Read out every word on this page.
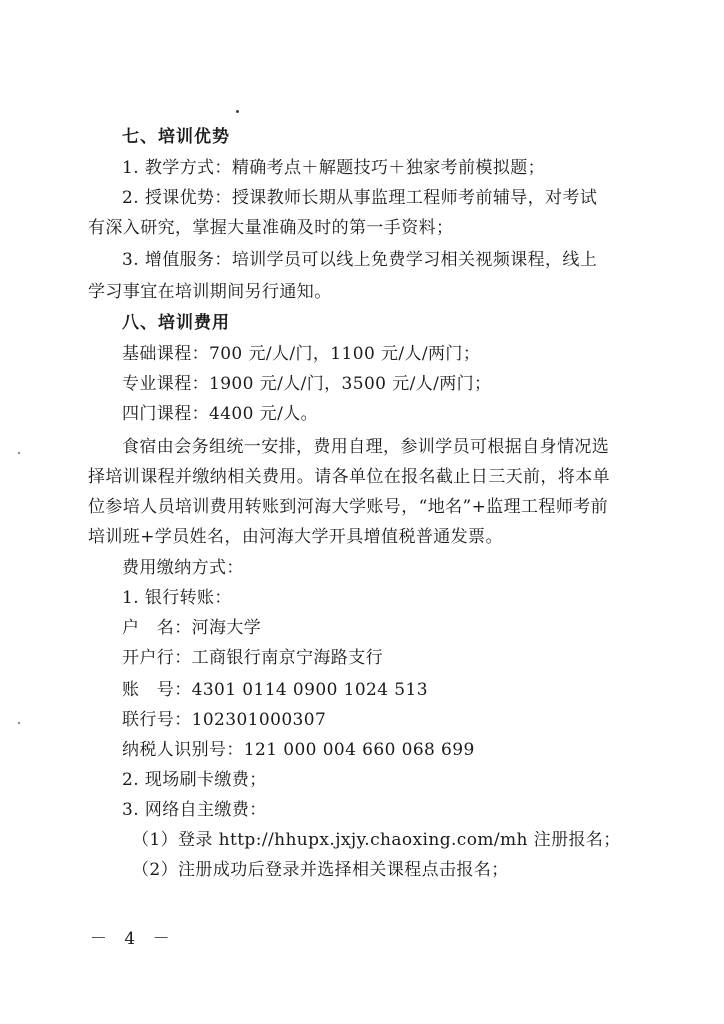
七、培训优势
1. 教学方式：精确考点＋解题技巧＋独家考前模拟题；
2. 授课优势：授课教师长期从事监理工程师考前辅导，对考试
有深入研究，掌握大量准确及时的第一手资料；
3. 增值服务：培训学员可以线上免费学习相关视频课程，线上
学习事宜在培训期间另行通知。
八、培训费用
基础课程：700 元/人/门，1100 元/人/两门；
专业课程：1900 元/人/门，3500 元/人/两门；
四门课程：4400 元/人。
食宿由会务组统一安排，费用自理，参训学员可根据自身情况选
择培训课程并缴纳相关费用。请各单位在报名截止日三天前，将本单
位参培人员培训费用转账到河海大学账号，“地名”+监理工程师考前
培训班+学员姓名，由河海大学开具增值税普通发票。
费用缴纳方式：
1. 银行转账：
户　名：河海大学
开户行：工商银行南京宁海路支行
账　号：4301 0114 0900 1024 513
联行号：102301000307
纳税人识别号：121 000 004 660 068 699
2. 现场刷卡缴费；
3. 网络自主缴费：
（1）登录 http://hhupx.jxjy.chaoxing.com/mh 注册报名；
（2）注册成功后登录并选择相关课程点击报名；
－ 4 －
